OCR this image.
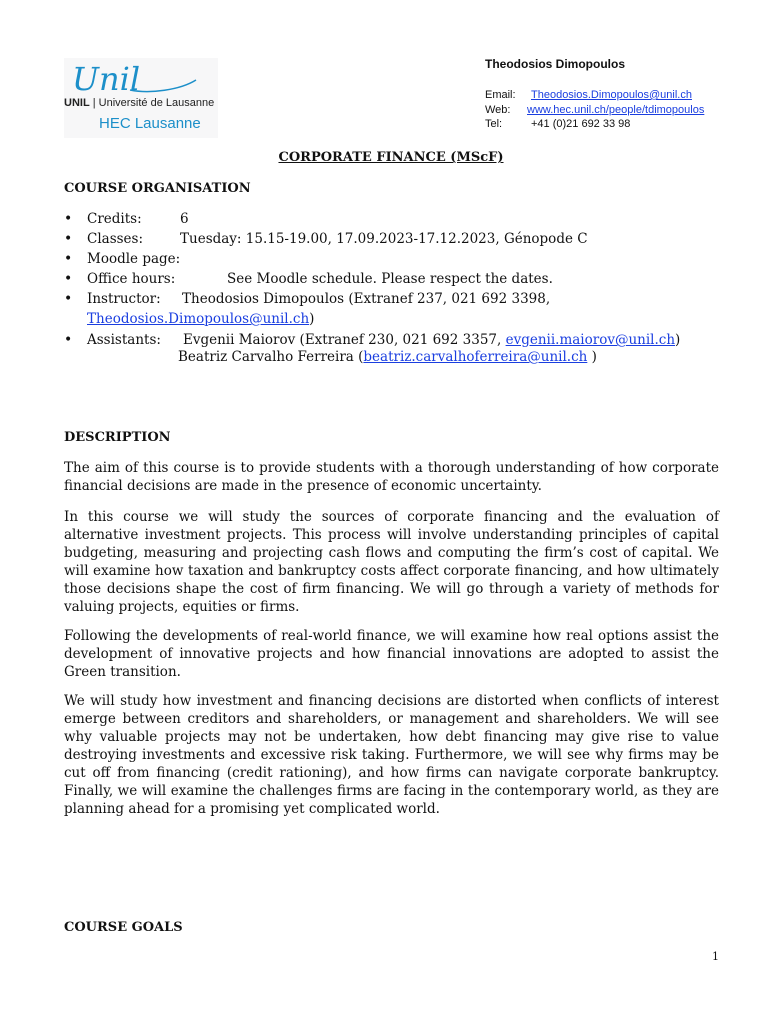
Unil
UNIL | Université de Lausanne
HEC Lausanne
Theodosios Dimopoulos
Email: Theodosios.Dimopoulos@unil.ch
Web: www.hec.unil.ch/people/tdimopoulos
Tel:	+41 (0)21 692 33 98
CORPORATE FINANCE (MScF)
COURSE ORGANISATION
• Credits:	6
• Classes:	Tuesday: 15.15-19.00, 17.09.2023-17.12.2023, Génopode C
• Moodle page:
• Office hours:	See Moodle schedule. Please respect the dates.
• Instructor: Theodosios Dimopoulos (Extranef 237, 021 692 3398,
Theodosios.Dimopoulos@unil.ch)
• Assistants: Evgenii Maiorov (Extranef 230, 021 692 3357, evgenii.maiorov@unil.ch)
Beatriz Carvalho Ferreira (beatriz.carvalhoferreira@unil.ch )
DESCRIPTION

The aim of this course is to provide students with a thorough understanding of how corporate financial decisions are made in the presence of economic uncertainty.

In this course we will study the sources of corporate financing and the evaluation of alternative investment projects. This process will involve understanding principles of capital budgeting, measuring and projecting cash flows and computing the firm’s cost of capital. We will examine how taxation and bankruptcy costs affect corporate financing, and how ultimately those decisions shape the cost of firm financing. We will go through a variety of methods for valuing projects, equities or firms.

Following the developments of real-world finance, we will examine how real options assist the development of innovative projects and how financial innovations are adopted to assist the Green transition.

We will study how investment and financing decisions are distorted when conflicts of interest emerge between creditors and shareholders, or management and shareholders. We will see why valuable projects may not be undertaken, how debt financing may give rise to value destroying investments and excessive risk taking. Furthermore, we will see why firms may be cut off from financing (credit rationing), and how firms can navigate corporate bankruptcy. Finally, we will examine the challenges firms are facing in the contemporary world, as they are planning ahead for a promising yet complicated world.

COURSE GOALS
1
